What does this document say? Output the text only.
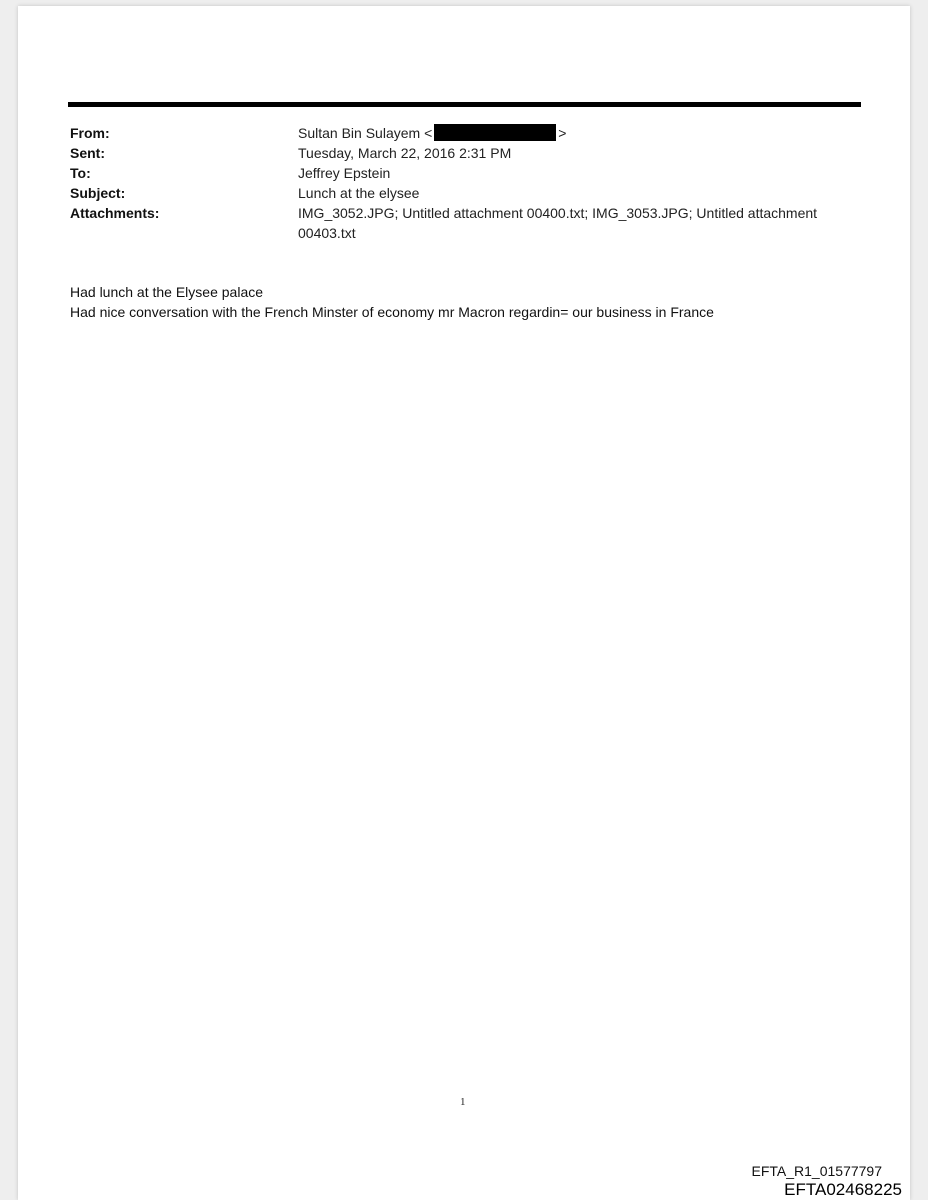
From:	Sultan Bin Sulayem <	>
Sent:	Tuesday, March 22, 2016 2:31 PM
To:	Jeffrey Epstein
Subject:	Lunch at the elysee
Attachments:	IMG_3052.JPG; Untitled attachment 00400.txt; IMG_3053.JPG; Untitled attachment 00403.txt
Had lunch at the Elysee palace
Had nice conversation with the French Minster of economy mr Macron regardin= our business in France
1
EFTA_R1_01577797
EFTA02468225
